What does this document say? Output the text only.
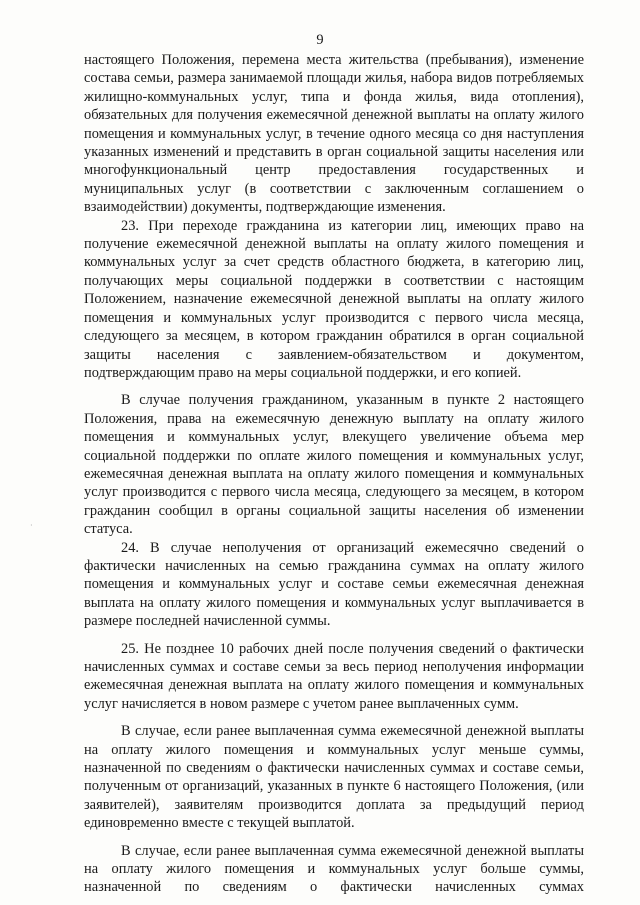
9
·

настоящего Положения, перемена места жительства (пребывания), изменение состава семьи, размера занимаемой площади жилья, набора видов потребляемых жилищно-коммунальных услуг, типа и фонда жилья, вида отопления), обязательных для получения ежемесячной денежной выплаты на оплату жилого помещения и коммунальных услуг, в течение одного месяца со дня наступления указанных изменений и представить в орган социальной защиты населения или многофункциональный центр предоставления государственных и муниципальных услуг (в соответствии с заключенным соглашением о взаимодействии) документы, подтверждающие изменения.

23. При переходе гражданина из категории лиц, имеющих право на получение ежемесячной денежной выплаты на оплату жилого помещения и коммунальных услуг за счет средств областного бюджета, в категорию лиц, получающих меры социальной поддержки в соответствии с настоящим Положением, назначение ежемесячной денежной выплаты на оплату жилого помещения и коммунальных услуг производится с первого числа месяца, следующего за месяцем, в котором гражданин обратился в орган социальной защиты населения с заявлением-обязательством и документом, подтверждающим право на меры социальной поддержки, и его копией.

В случае получения гражданином, указанным в пункте 2 настоящего Положения, права на ежемесячную денежную выплату на оплату жилого помещения и коммунальных услуг, влекущего увеличение объема мер социальной поддержки по оплате жилого помещения и коммунальных услуг, ежемесячная денежная выплата на оплату жилого помещения и коммунальных услуг производится с первого числа месяца, следующего за месяцем, в котором гражданин сообщил в органы социальной защиты населения об изменении статуса.

24. В случае неполучения от организаций ежемесячно сведений о фактически начисленных на семью гражданина суммах на оплату жилого помещения и коммунальных услуг и составе семьи ежемесячная денежная выплата на оплату жилого помещения и коммунальных услуг выплачивается в размере последней начисленной суммы.

25. Не позднее 10 рабочих дней после получения сведений о фактически начисленных суммах и составе семьи за весь период неполучения информации ежемесячная денежная выплата на оплату жилого помещения и коммунальных услуг начисляется в новом размере с учетом ранее выплаченных сумм.

В случае, если ранее выплаченная сумма ежемесячной денежной выплаты на оплату жилого помещения и коммунальных услуг меньше суммы, назначенной по сведениям о фактически начисленных суммах и составе семьи, полученным от организаций, указанных в пункте 6 настоящего Положения, (или заявителей), заявителям производится доплата за предыдущий период единовременно вместе с текущей выплатой.

В случае, если ранее выплаченная сумма ежемесячной денежной выплаты на оплату жилого помещения и коммунальных услуг больше суммы, назначенной по сведениям о фактически начисленных суммах
